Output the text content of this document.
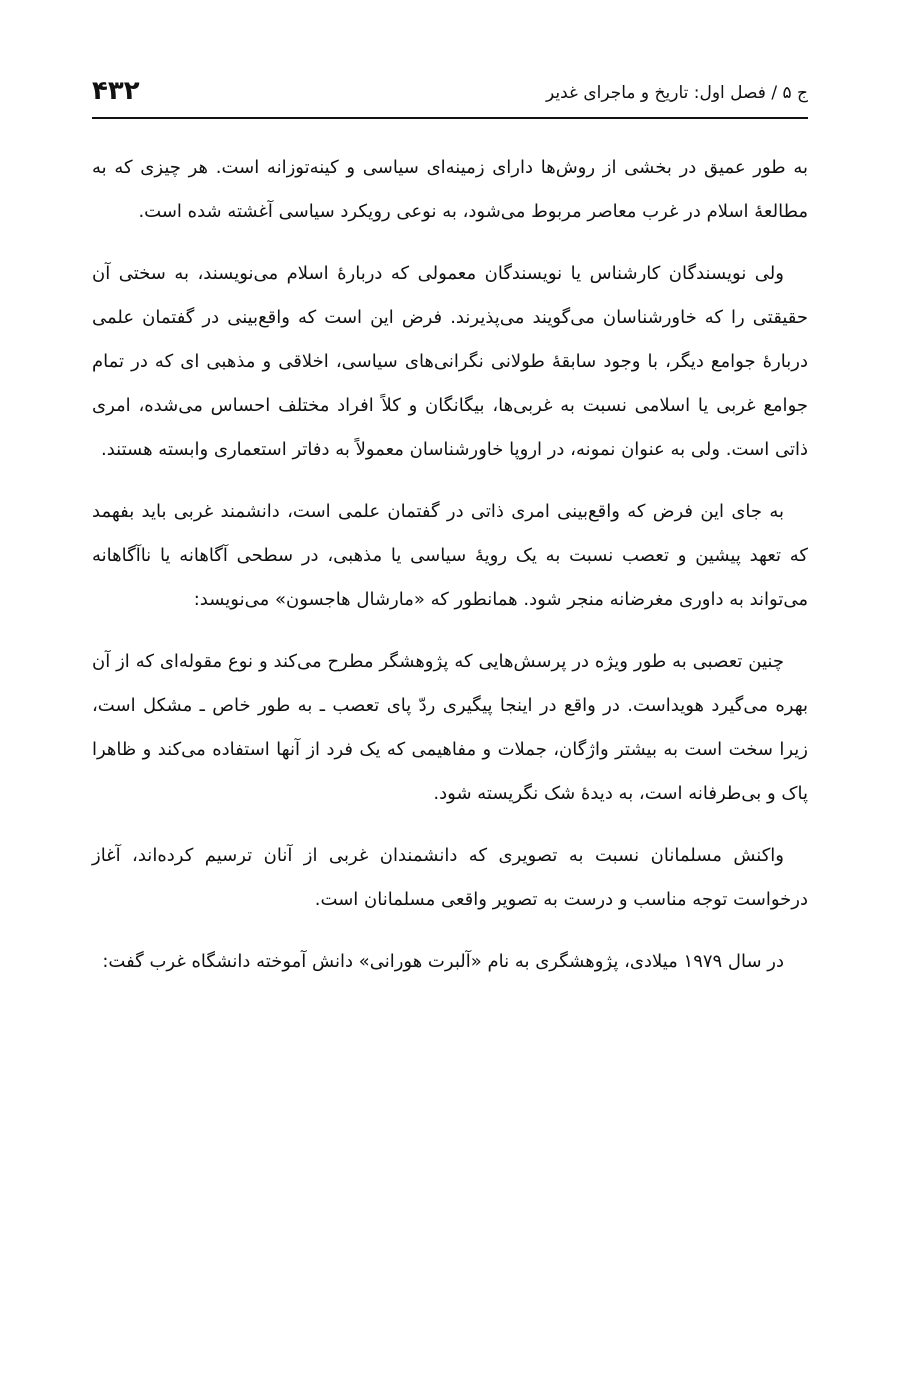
ج ۵ / فصل اول: تاریخ و ماجرای غدیر
۴۳۲

به طور عمیق در بخشی از روش‌ها دارای زمینه‌ای سیاسی و کینه‌توزانه است. هر چیزی که به مطالعهٔ اسلام در غرب معاصر مربوط می‌شود، به نوعی رویکرد سیاسی آغشته شده است.

ولی نویسندگان کارشناس یا نویسندگان معمولی که دربارهٔ اسلام می‌نویسند، به سختی آن حقیقتی را که خاورشناسان می‌گویند می‌پذیرند. فرض این است که واقع‌بینی در گفتمان علمی دربارهٔ جوامع دیگر، با وجود سابقهٔ طولانی نگرانی‌های سیاسی، اخلاقی و مذهبی ای که در تمام جوامع غربی یا اسلامی نسبت به غربی‌ها، بیگانگان و کلاً افراد مختلف احساس می‌شده، امری ذاتی است. ولی به عنوان نمونه، در اروپا خاورشناسان معمولاً به دفاتر استعماری وابسته هستند.

به جای این فرض که واقع‌بینی امری ذاتی در گفتمان علمی است، دانشمند غربی باید بفهمد که تعهد پیشین و تعصب نسبت به یک رویهٔ سیاسی یا مذهبی، در سطحی آگاهانه یا ناآگاهانه می‌تواند به داوری مغرضانه منجر شود. همانطور که «مارشال هاجسون» می‌نویسد:

چنین تعصبی به طور ویژه در پرسش‌هایی که پژوهشگر مطرح می‌کند و نوع مقوله‌ای که از آن بهره می‌گیرد هویداست. در واقع در اینجا پیگیری ردّ پای تعصب ـ به طور خاص ـ مشکل است، زیرا سخت است به بیشتر واژگان، جملات و مفاهیمی که یک فرد از آنها استفاده می‌کند و ظاهرا پاک و بی‌طرفانه است، به دیدهٔ شک نگریسته شود.

واکنش مسلمانان نسبت به تصویری که دانشمندان غربی از آنان ترسیم کرده‌اند، آغاز درخواست توجه مناسب و درست به تصویر واقعی مسلمانان است.

در سال ۱۹۷۹ میلادی، پژوهشگری به نام «آلبرت هورانی» دانش آموخته دانشگاه غرب گفت:
